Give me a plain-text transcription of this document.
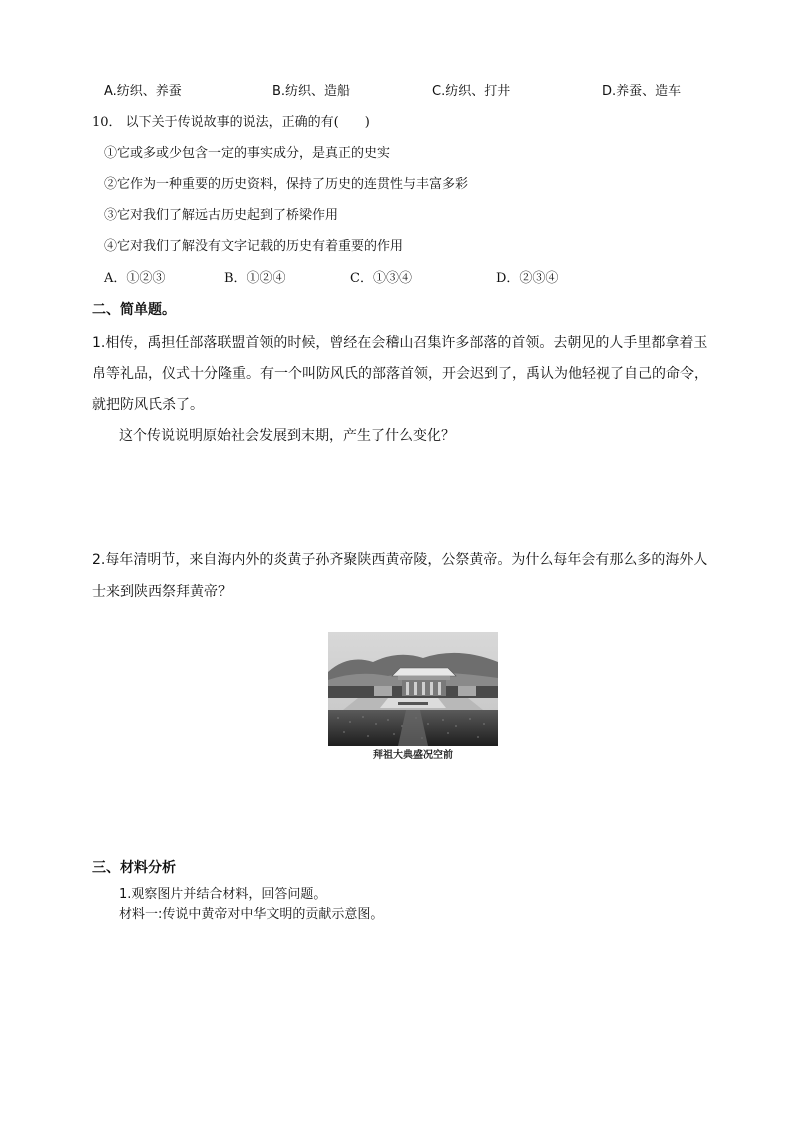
A.纺织、养蚕	B.纺织、造船	C.纺织、打井	D.养蚕、造车
10． 以下关于传说故事的说法，正确的有(　　)
①它或多或少包含一定的事实成分，是真正的史实
②它作为一种重要的历史资料，保持了历史的连贯性与丰富多彩
③它对我们了解远古历史起到了桥梁作用
④它对我们了解没有文字记载的历史有着重要的作用
A．①②③	B．①②④	C．①③④	D．②③④
二、简单题。
1.相传，禹担任部落联盟首领的时候，曾经在会稽山召集许多部落的首领。去朝见的人手里都拿着玉
帛等礼品，仪式十分隆重。有一个叫防风氏的部落首领，开会迟到了，禹认为他轻视了自己的命令，
就把防风氏杀了。
这个传说说明原始社会发展到末期，产生了什么变化？
2.每年清明节，来自海内外的炎黄子孙齐聚陕西黄帝陵，公祭黄帝。为什么每年会有那么多的海外人
士来到陕西祭拜黄帝？
拜祖大典盛况空前
三、材料分析
1.观察图片并结合材料，回答问题。
材料一:传说中黄帝对中华文明的贡献示意图。
